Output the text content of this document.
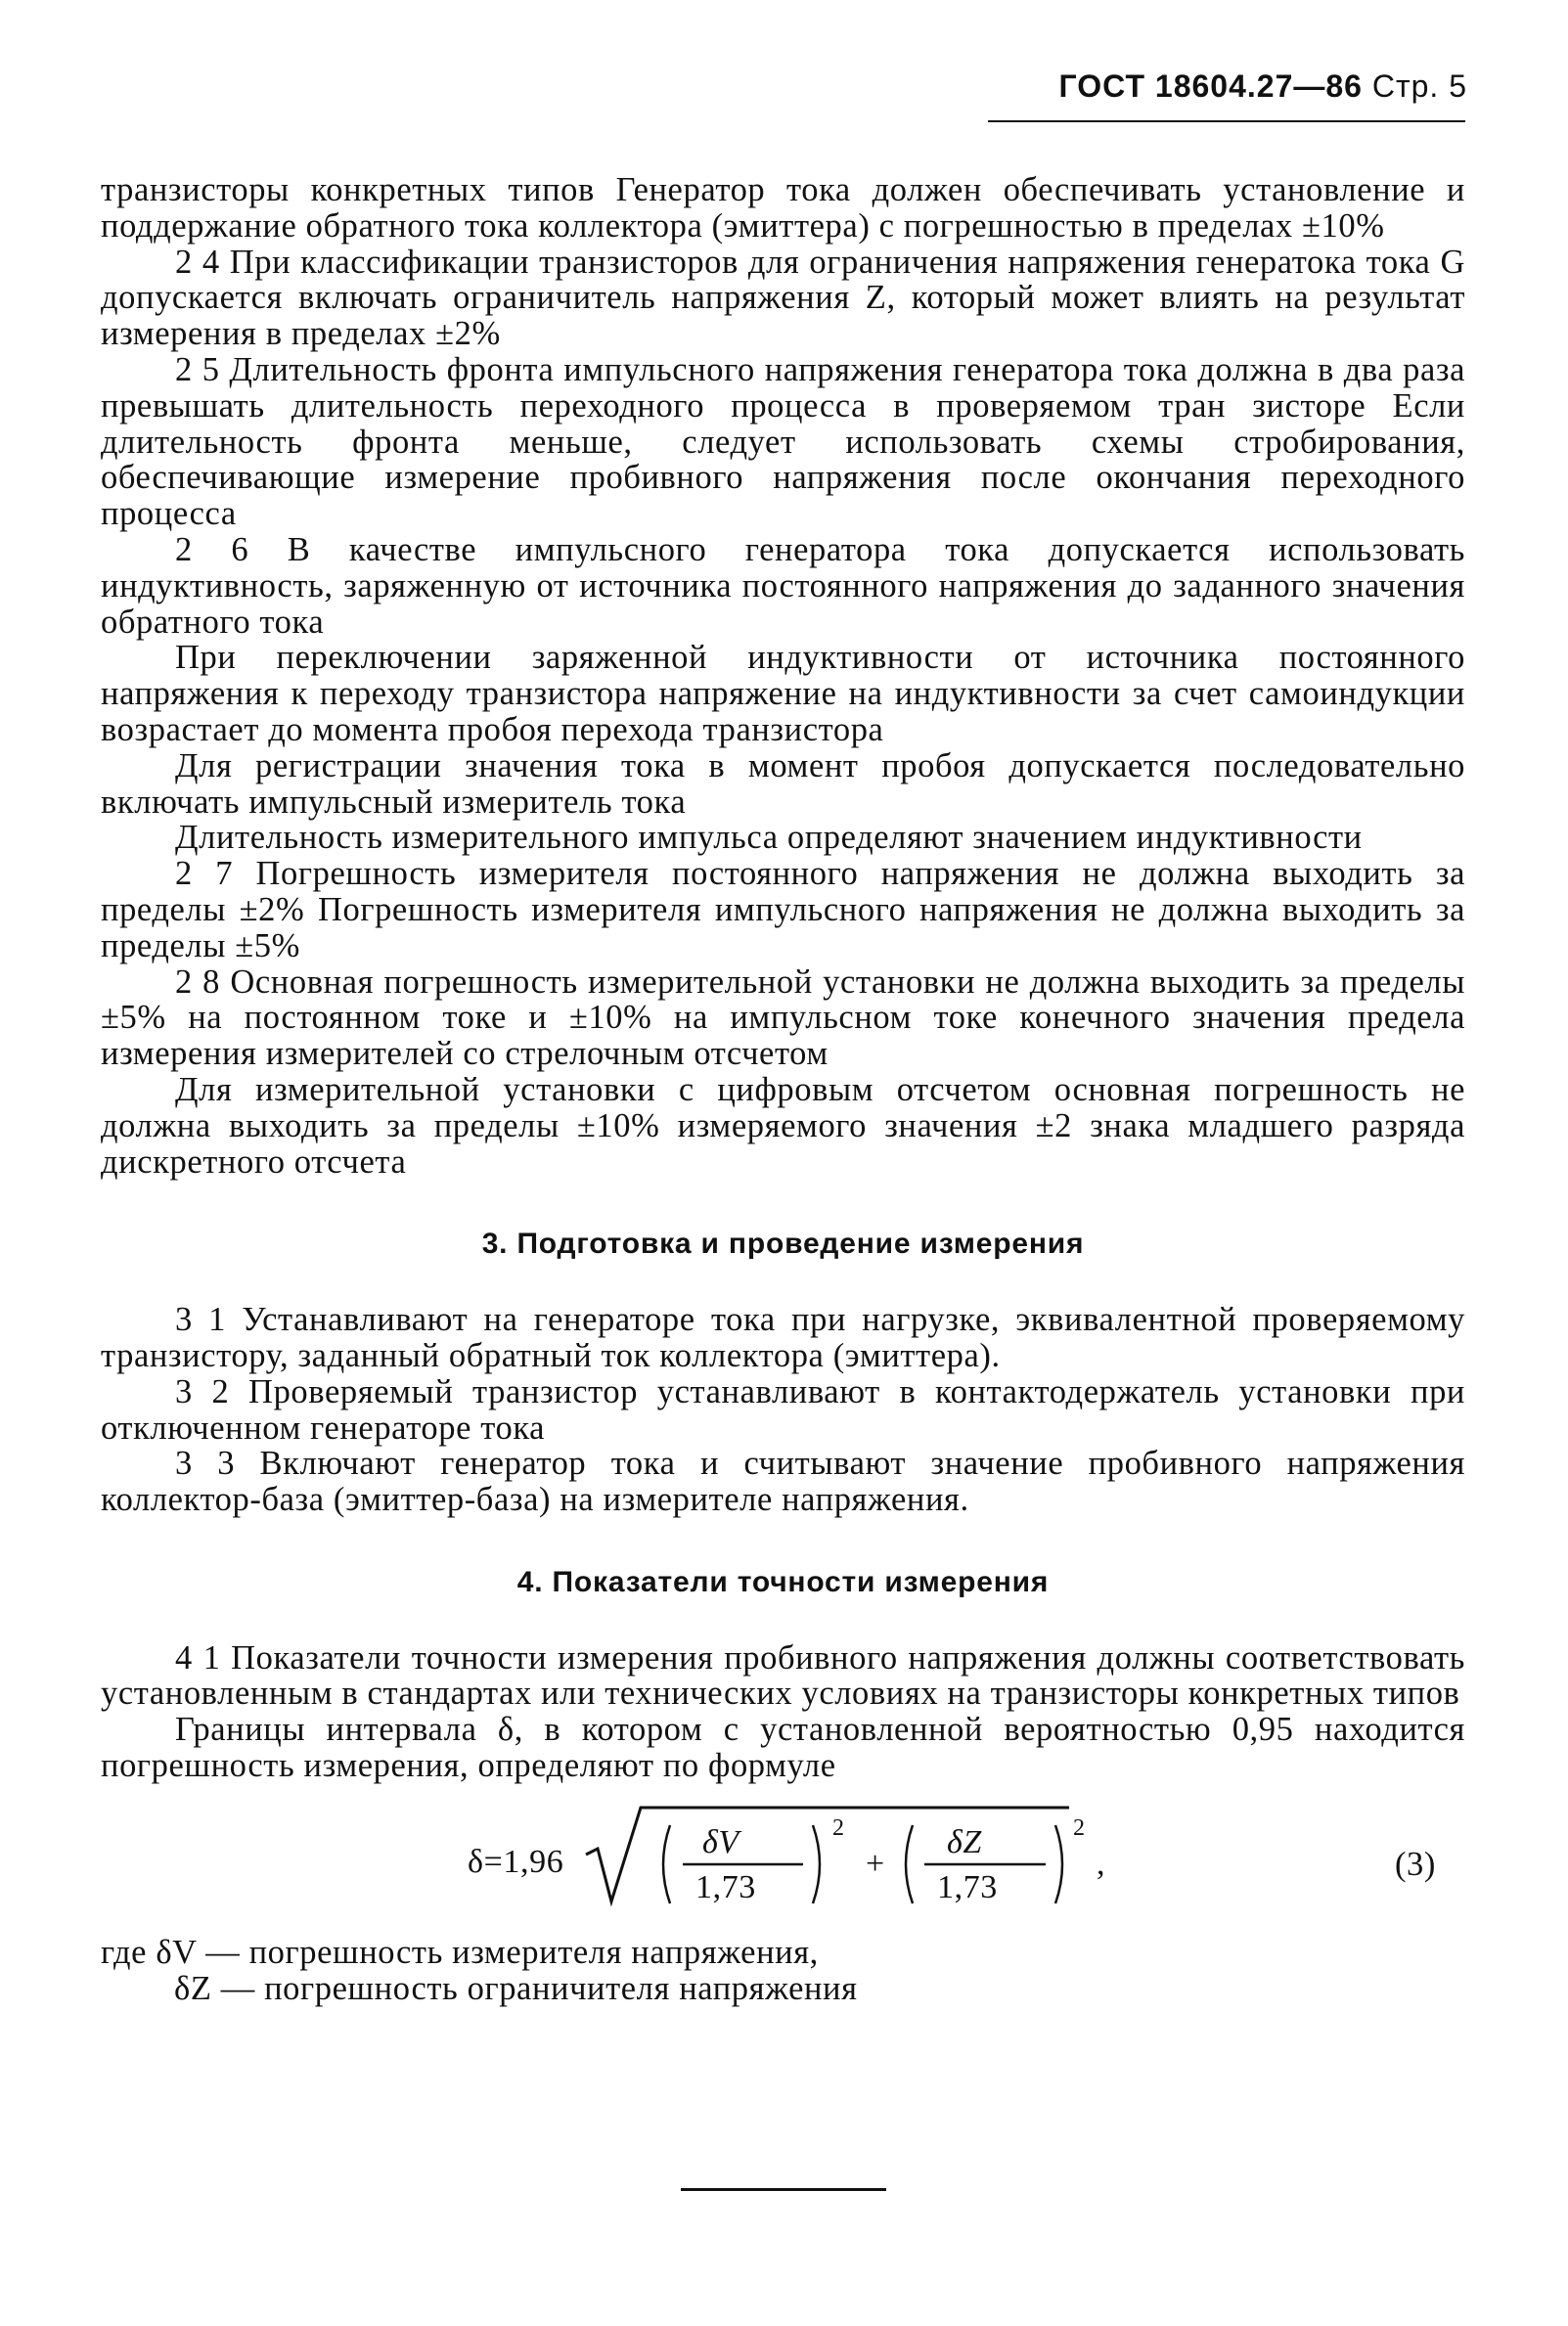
ГОСТ 18604.27—86 Стр. 5

транзисторы конкретных типов Генератор тока должен обеспечивать установление и поддержание обратного тока коллектора (эмиттера) с погрешностью в пределах ±10%

2 4 При классификации транзисторов для ограничения напряжения генератока тока G допускается включать ограничитель напряжения Z, который может влиять на результат измерения в пределах ±2%

2 5 Длительность фронта импульсного напряжения генератора тока должна в два раза превышать длительность переходного процесса в проверяемом тран зисторе Если длительность фронта меньше, следует использовать схемы стробирования, обеспечивающие измерение пробивного напряжения после окончания переходного процесса

2 6 В качестве импульсного генератора тока допускается использовать индуктивность, заряженную от источника постоянного напряжения до заданного значения обратного тока

При переключении заряженной индуктивности от источника постоянного напряжения к переходу транзистора напряжение на индуктивности за счет самоиндукции возрастает до момента пробоя перехода транзистора

Для регистрации значения тока в момент пробоя допускается последовательно включать импульсный измеритель тока

Длительность измерительного импульса определяют значением индуктивности

2 7 Погрешность измерителя постоянного напряжения не должна выходить за пределы ±2% Погрешность измерителя импульсного напряжения не должна выходить за пределы ±5%

2 8 Основная погрешность измерительной установки не должна выходить за пределы ±5% на постоянном токе и ±10% на импульсном токе конечного значения предела измерения измерителей со стрелочным отсчетом

Для измерительной установки с цифровым отсчетом основная погрешность не должна выходить за пределы ±10% измеряемого значения ±2 знака младшего разряда дискретного отсчета

3. Подготовка и проведение измерения

3 1 Устанавливают на генераторе тока при нагрузке, эквивалентной проверяемому транзистору, заданный обратный ток коллектора (эмиттера).

3 2 Проверяемый транзистор устанавливают в контактодержатель установки при отключенном генераторе тока

3 3 Включают генератор тока и считывают значение пробивного напряжения коллектор-база (эмиттер-база) на измерителе напряжения.

4. Показатели точности измерения

4 1 Показатели точности измерения пробивного напряжения должны соответствовать установленным в стандартах или технических условиях на транзисторы конкретных типов

Границы интервала δ, в котором с установленной вероятностью 0,95 находится погрешность измерения, определяют по формуле

δ=1,96
δV
1,73
2
+
δZ
1,73
2
,	(3)

где δV — погрешность измерителя напряжения,

δZ — погрешность ограничителя напряжения
